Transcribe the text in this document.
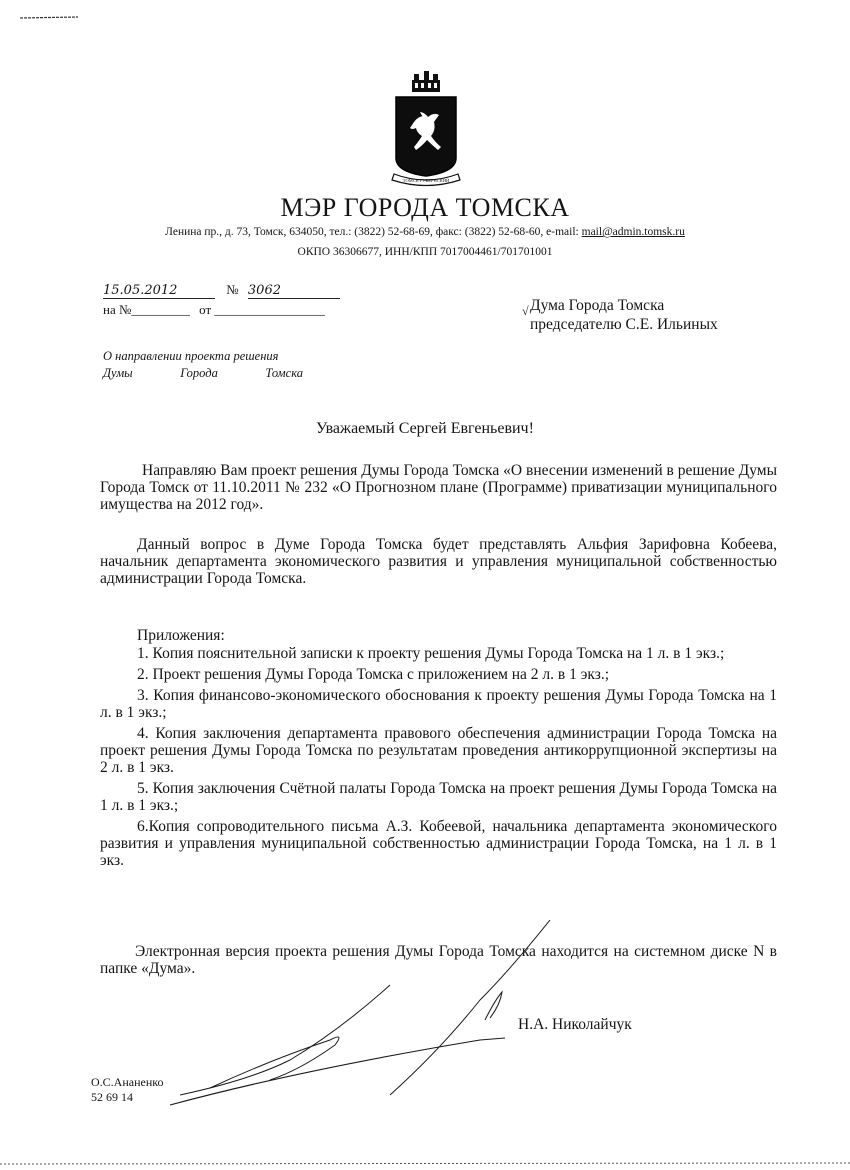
ТОМСК ГУБЕРНСКИЙ
МЭР ГОРОДА ТОМСКА
Ленина пр., д. 73, Томск, 634050, тел.: (3822) 52-68-69, факс: (3822) 52-68-60, e-mail: mail@admin.tomsk.ru
ОКПО 36306677, ИНН/КПП 7017004461/701701001
15.05.2012	№ 3062
на №_________ от _________________	√ Дума Города Томска
председателю С.Е. Ильиных
О направлении проекта решения
Думы	Города	Томска
Уважаемый Сергей Евгеньевич!
Направляю Вам проект решения Думы Города Томска «О внесении изменений в решение Думы Города Томск от 11.10.2011 № 232 «О Прогнозном плане (Программе) приватизации муниципального имущества на 2012 год».
Данный вопрос в Думе Города Томска будет представлять Альфия Зарифовна Кобеева, начальник департамента экономического развития и управления муниципальной собственностью администрации Города Томска.
Приложения:

1. Копия пояснительной записки к проекту решения Думы Города Томска на 1 л. в 1 экз.;

2. Проект решения Думы Города Томска с приложением на 2 л. в 1 экз.;

3. Копия финансово-экономического обоснования к проекту решения Думы Города Томска на 1 л. в 1 экз.;

4. Копия заключения департамента правового обеспечения администрации Города Томска на проект решения Думы Города Томска по результатам проведения антикоррупционной экспертизы на 2 л. в 1 экз.

5. Копия заключения Счётной палаты Города Томска на проект решения Думы Города Томска на 1 л. в 1 экз.;

6.Копия сопроводительного письма А.З. Кобеевой, начальника департамента экономического развития и управления муниципальной собственностью администрации Города Томска, на 1 л. в 1 экз.

Электронная версия проекта решения Думы Города Томска находится на системном диске N в папке «Дума».
Н.А. Николайчук
О.С.Ананенко
52 69 14
